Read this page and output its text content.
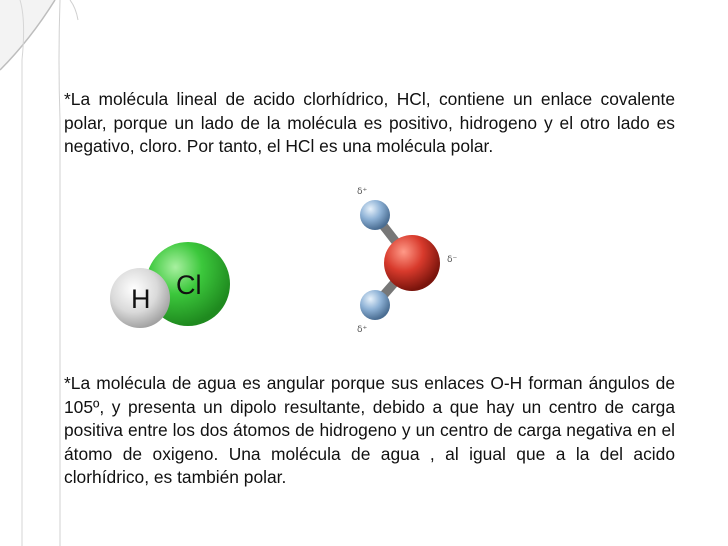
*La molécula lineal de acido clorhídrico, HCl, contiene un enlace covalente polar, porque un lado de la molécula es positivo, hidrogeno y el otro lado es negativo, cloro. Por tanto, el HCl es una molécula polar.

H Cl
δ⁺
δ⁺
δ⁻

*La molécula de agua es angular porque sus enlaces O-H forman ángulos de 105º, y presenta un dipolo resultante, debido a que hay un centro de carga positiva entre los dos átomos de hidrogeno y un centro de carga negativa en el átomo de oxigeno. Una molécula de agua , al igual que a la del acido clorhídrico, es también polar.
